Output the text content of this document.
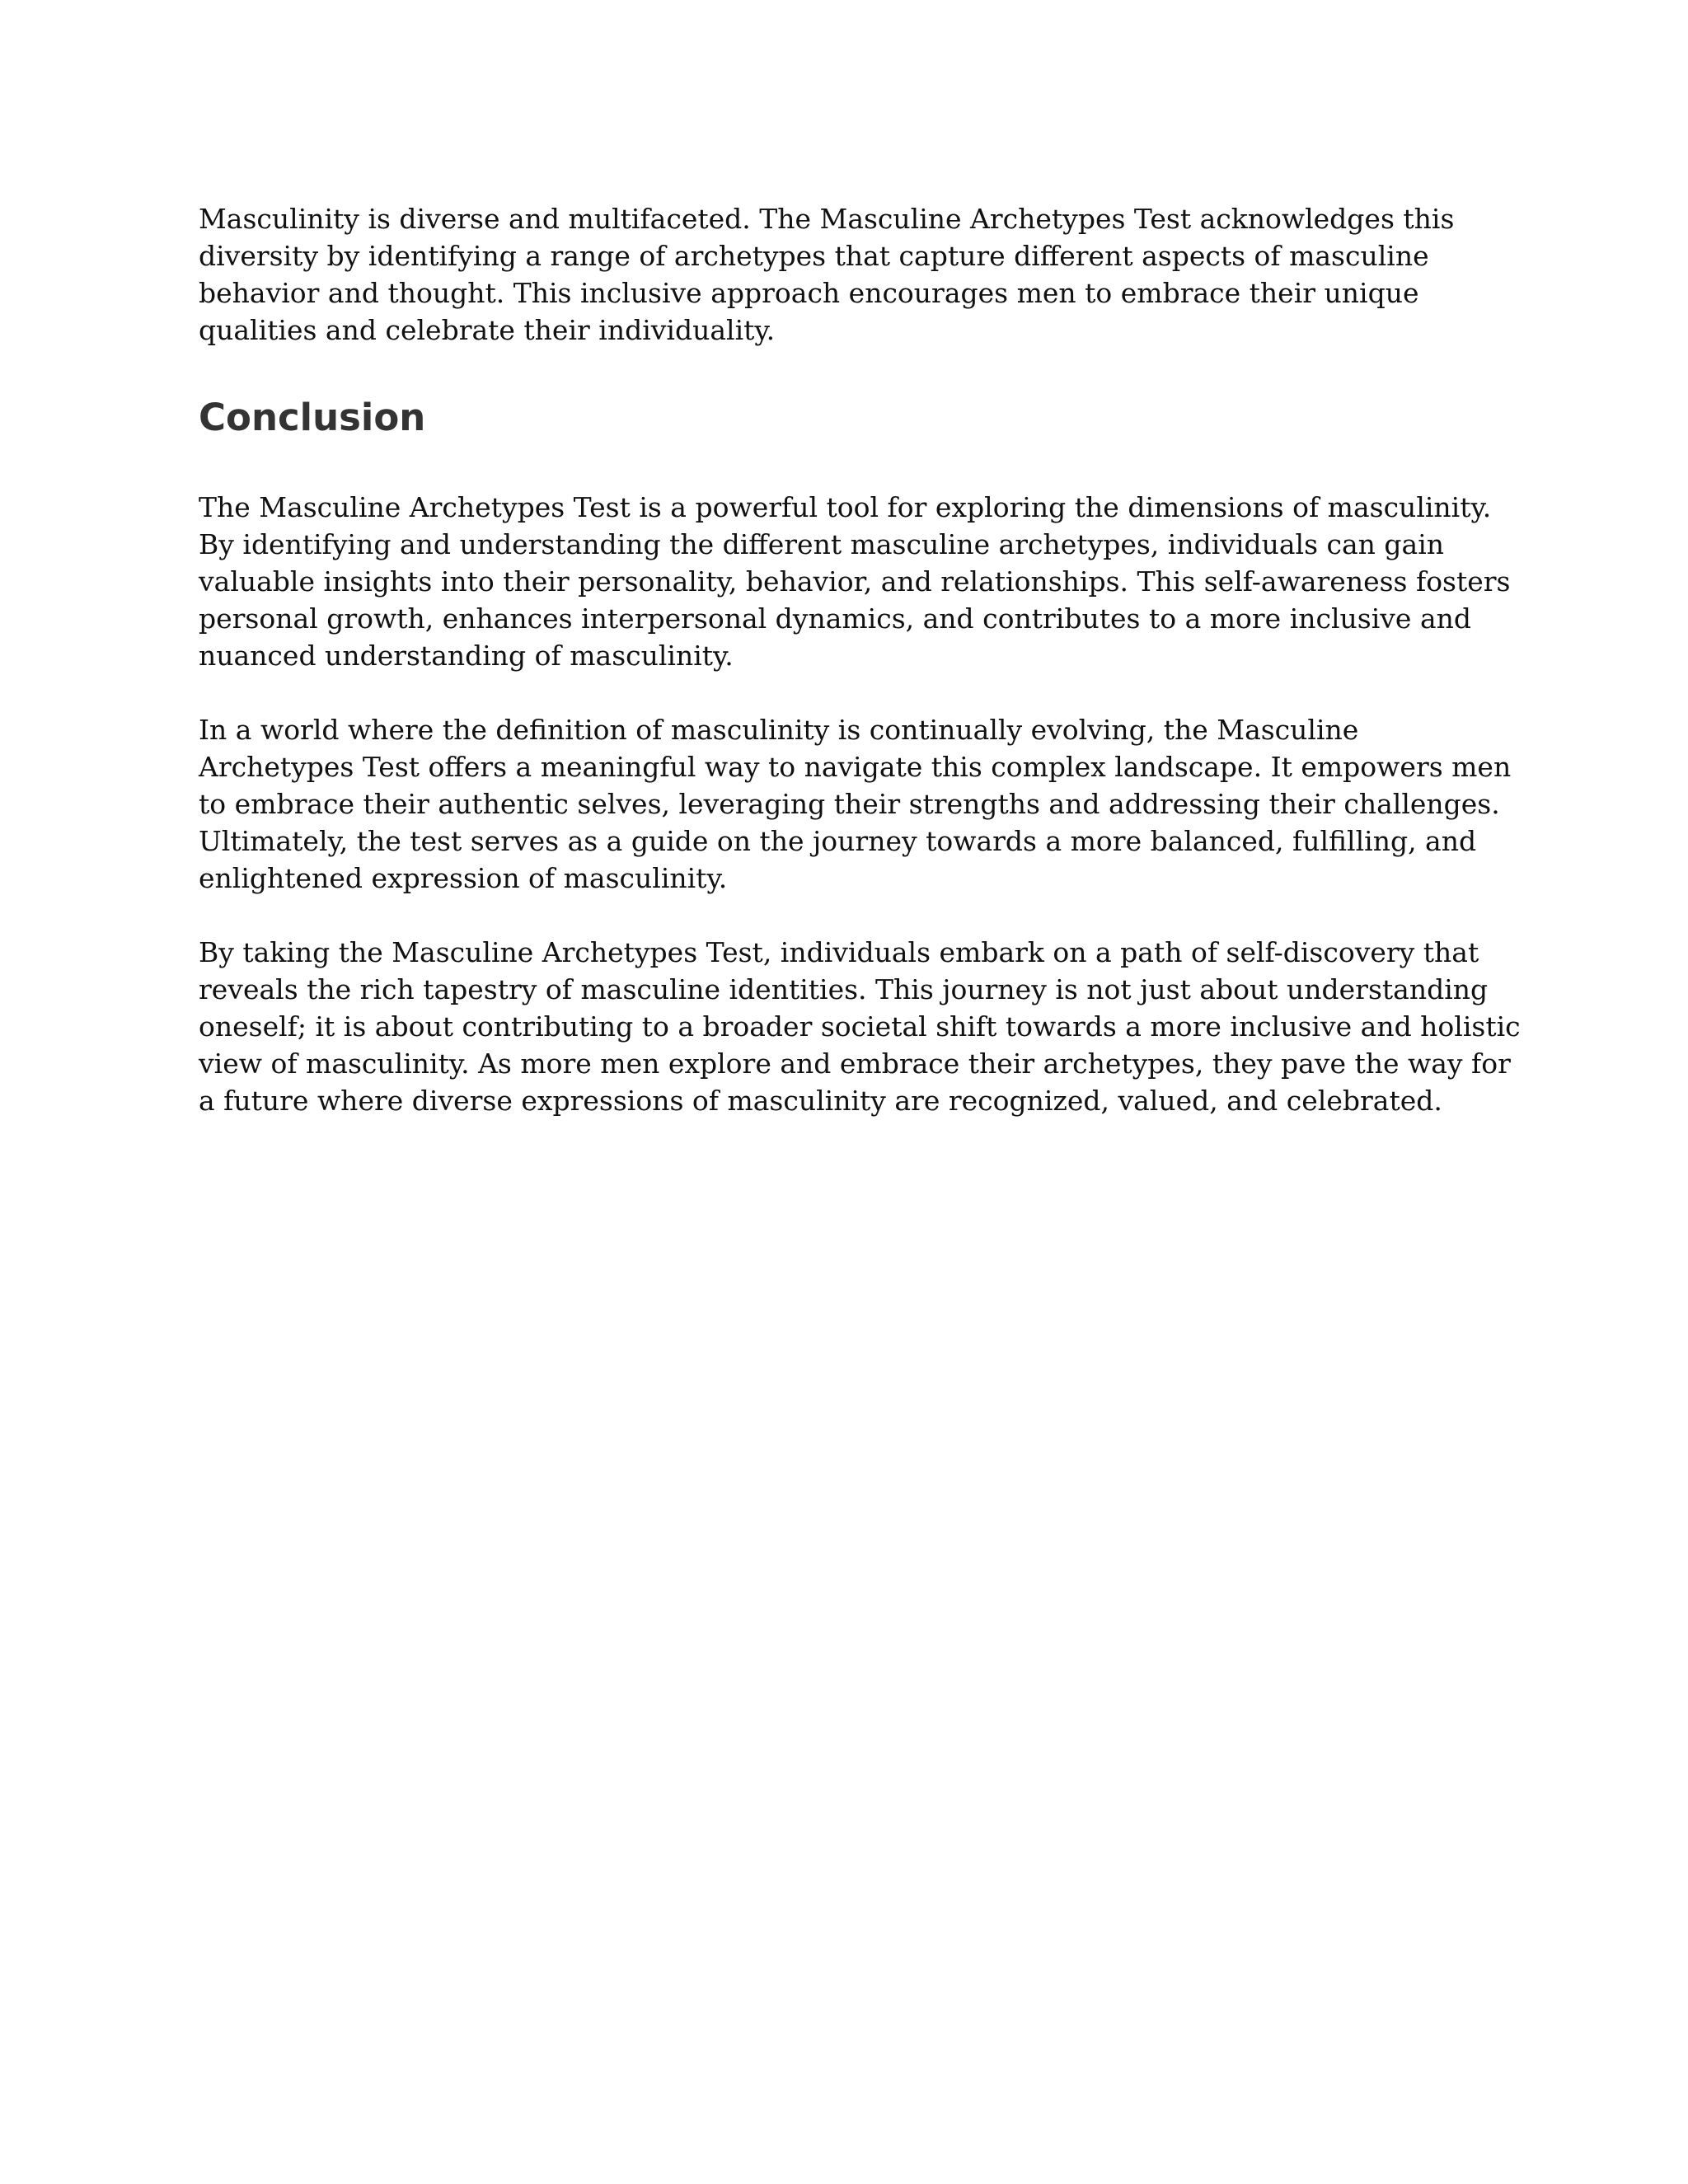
Masculinity is diverse and multifaceted. The Masculine Archetypes Test acknowledges this
diversity by identifying a range of archetypes that capture different aspects of masculine
behavior and thought. This inclusive approach encourages men to embrace their unique
qualities and celebrate their individuality.

Conclusion

The Masculine Archetypes Test is a powerful tool for exploring the dimensions of masculinity.
By identifying and understanding the different masculine archetypes, individuals can gain
valuable insights into their personality, behavior, and relationships. This self-awareness fosters
personal growth, enhances interpersonal dynamics, and contributes to a more inclusive and
nuanced understanding of masculinity.

In a world where the definition of masculinity is continually evolving, the Masculine
Archetypes Test offers a meaningful way to navigate this complex landscape. It empowers men
to embrace their authentic selves, leveraging their strengths and addressing their challenges.
Ultimately, the test serves as a guide on the journey towards a more balanced, fulfilling, and
enlightened expression of masculinity.

By taking the Masculine Archetypes Test, individuals embark on a path of self-discovery that
reveals the rich tapestry of masculine identities. This journey is not just about understanding
oneself; it is about contributing to a broader societal shift towards a more inclusive and holistic
view of masculinity. As more men explore and embrace their archetypes, they pave the way for
a future where diverse expressions of masculinity are recognized, valued, and celebrated.
